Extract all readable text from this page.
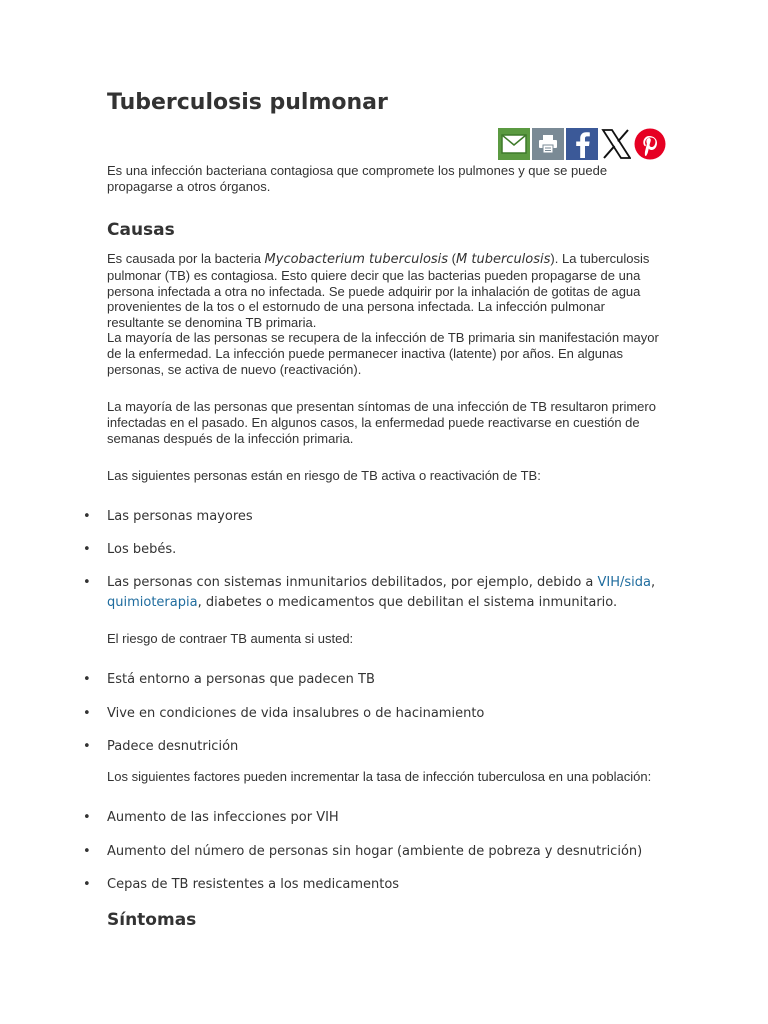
Tuberculosis pulmonar

Es una infección bacteriana contagiosa que compromete los pulmones y que se puede propagarse a otros órganos.

Causas

Es causada por la bacteria Mycobacterium tuberculosis (M tuberculosis). La tuberculosis pulmonar (TB) es contagiosa. Esto quiere decir que las bacterias pueden propagarse de una persona infectada a otra no infectada. Se puede adquirir por la inhalación de gotitas de agua provenientes de la tos o el estornudo de una persona infectada. La infección pulmonar resultante se denomina TB primaria.

La mayoría de las personas se recupera de la infección de TB primaria sin manifestación mayor de la enfermedad. La infección puede permanecer inactiva (latente) por años. En algunas personas, se activa de nuevo (reactivación).

La mayoría de las personas que presentan síntomas de una infección de TB resultaron primero infectadas en el pasado. En algunos casos, la enfermedad puede reactivarse en cuestión de semanas después de la infección primaria.

Las siguientes personas están en riesgo de TB activa o reactivación de TB:

• Las personas mayores

• Los bebés.

• Las personas con sistemas inmunitarios debilitados, por ejemplo, debido a VIH/sida, quimioterapia, diabetes o medicamentos que debilitan el sistema inmunitario.

El riesgo de contraer TB aumenta si usted:

• Está entorno a personas que padecen TB

• Vive en condiciones de vida insalubres o de hacinamiento

• Padece desnutrición

Los siguientes factores pueden incrementar la tasa de infección tuberculosa en una población:

• Aumento de las infecciones por VIH

• Aumento del número de personas sin hogar (ambiente de pobreza y desnutrición)

• Cepas de TB resistentes a los medicamentos

Síntomas
